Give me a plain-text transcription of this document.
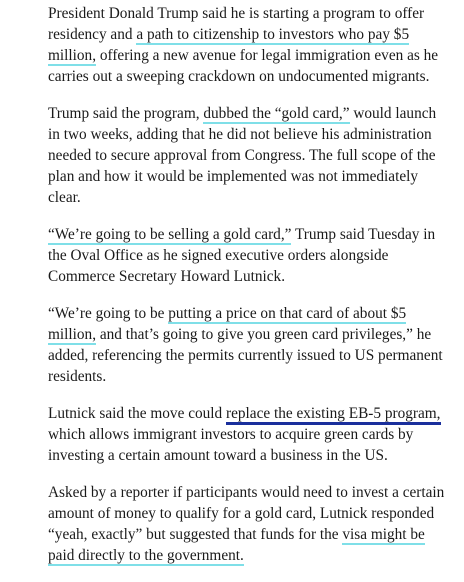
President Donald Trump said he is starting a program to offer residency and a path to citizenship to investors who pay $5 million, offering a new avenue for legal immigration even as he carries out a sweeping crackdown on undocumented migrants.

Trump said the program, dubbed the “gold card,” would launch in two weeks, adding that he did not believe his administration needed to secure approval from Congress. The full scope of the plan and how it would be implemented was not immediately clear.

“We’re going to be selling a gold card,” Trump said Tuesday in the Oval Office as he signed executive orders alongside Commerce Secretary Howard Lutnick.

“We’re going to be putting a price on that card of about $5 million, and that’s going to give you green card privileges,” he added, referencing the permits currently issued to US permanent residents.

Lutnick said the move could replace the existing EB-5 program, which allows immigrant investors to acquire green cards by investing a certain amount toward a business in the US.

Asked by a reporter if participants would need to invest a certain amount of money to qualify for a gold card, Lutnick responded “yeah, exactly” but suggested that funds for the visa might be paid directly to the government.
